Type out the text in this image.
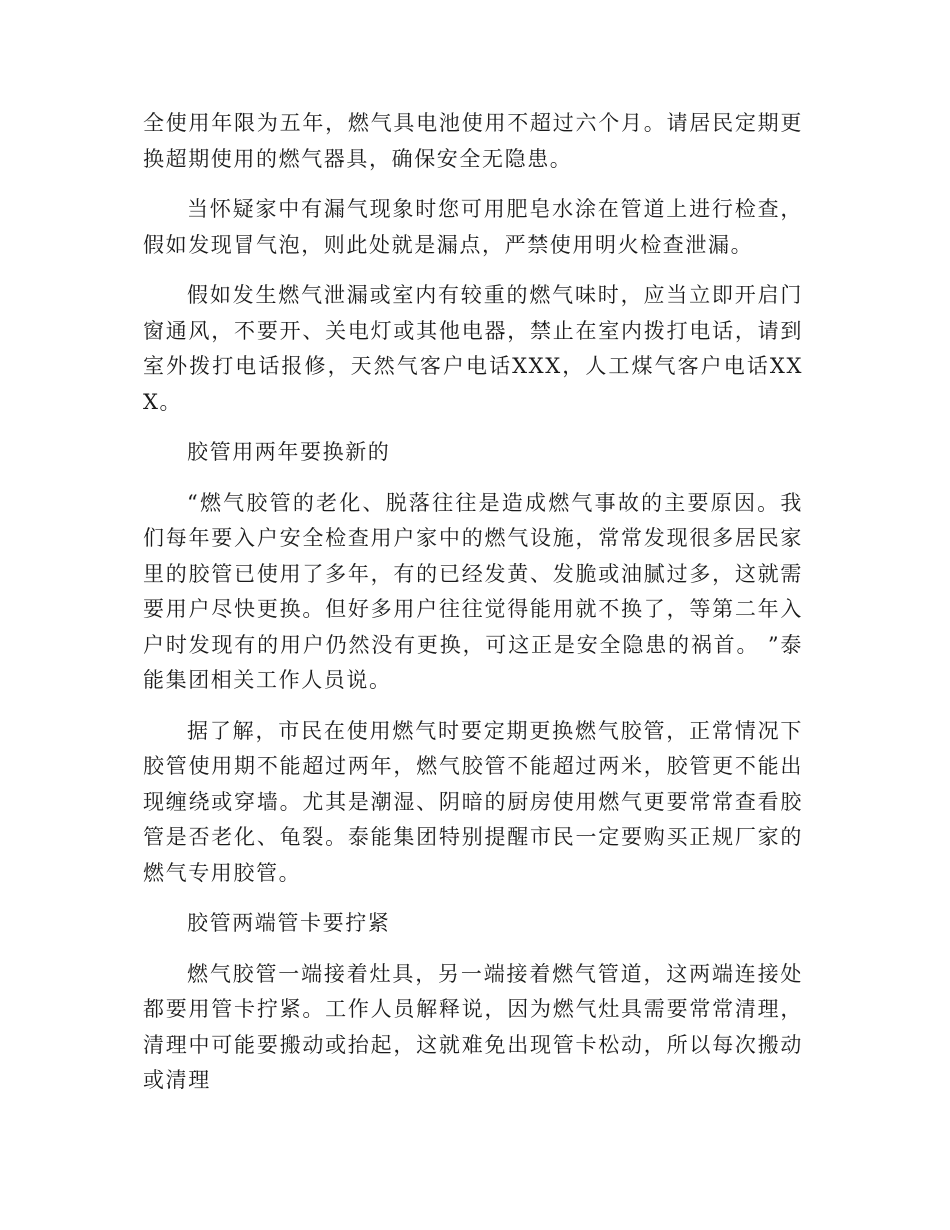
全使用年限为五年，燃气具电池使用不超过六个月。请居民定期更换超期使用的燃气器具，确保安全无隐患。

当怀疑家中有漏气现象时您可用肥皂水涂在管道上进行检查，假如发现冒气泡，则此处就是漏点，严禁使用明火检查泄漏。

假如发生燃气泄漏或室内有较重的燃气味时，应当立即开启门窗通风，不要开、关电灯或其他电器，禁止在室内拨打电话，请到室外拨打电话报修，天然气客户电话XXX，人工煤气客户电话XXX。

胶管用两年要换新的

“燃气胶管的老化、脱落往往是造成燃气事故的主要原因。我们每年要入户安全检查用户家中的燃气设施，常常发现很多居民家里的胶管已使用了多年，有的已经发黄、发脆或油腻过多，这就需要用户尽快更换。但好多用户往往觉得能用就不换了，等第二年入户时发现有的用户仍然没有更换，可这正是安全隐患的祸首。 ”泰能集团相关工作人员说。

据了解，市民在使用燃气时要定期更换燃气胶管，正常情况下胶管使用期不能超过两年，燃气胶管不能超过两米，胶管更不能出现缠绕或穿墙。尤其是潮湿、阴暗的厨房使用燃气更要常常查看胶管是否老化、龟裂。泰能集团特别提醒市民一定要购买正规厂家的燃气专用胶管。

胶管两端管卡要拧紧

燃气胶管一端接着灶具，另一端接着燃气管道，这两端连接处都要用管卡拧紧。工作人员解释说，因为燃气灶具需要常常清理，清理中可能要搬动或抬起，这就难免出现管卡松动，所以每次搬动或清理
